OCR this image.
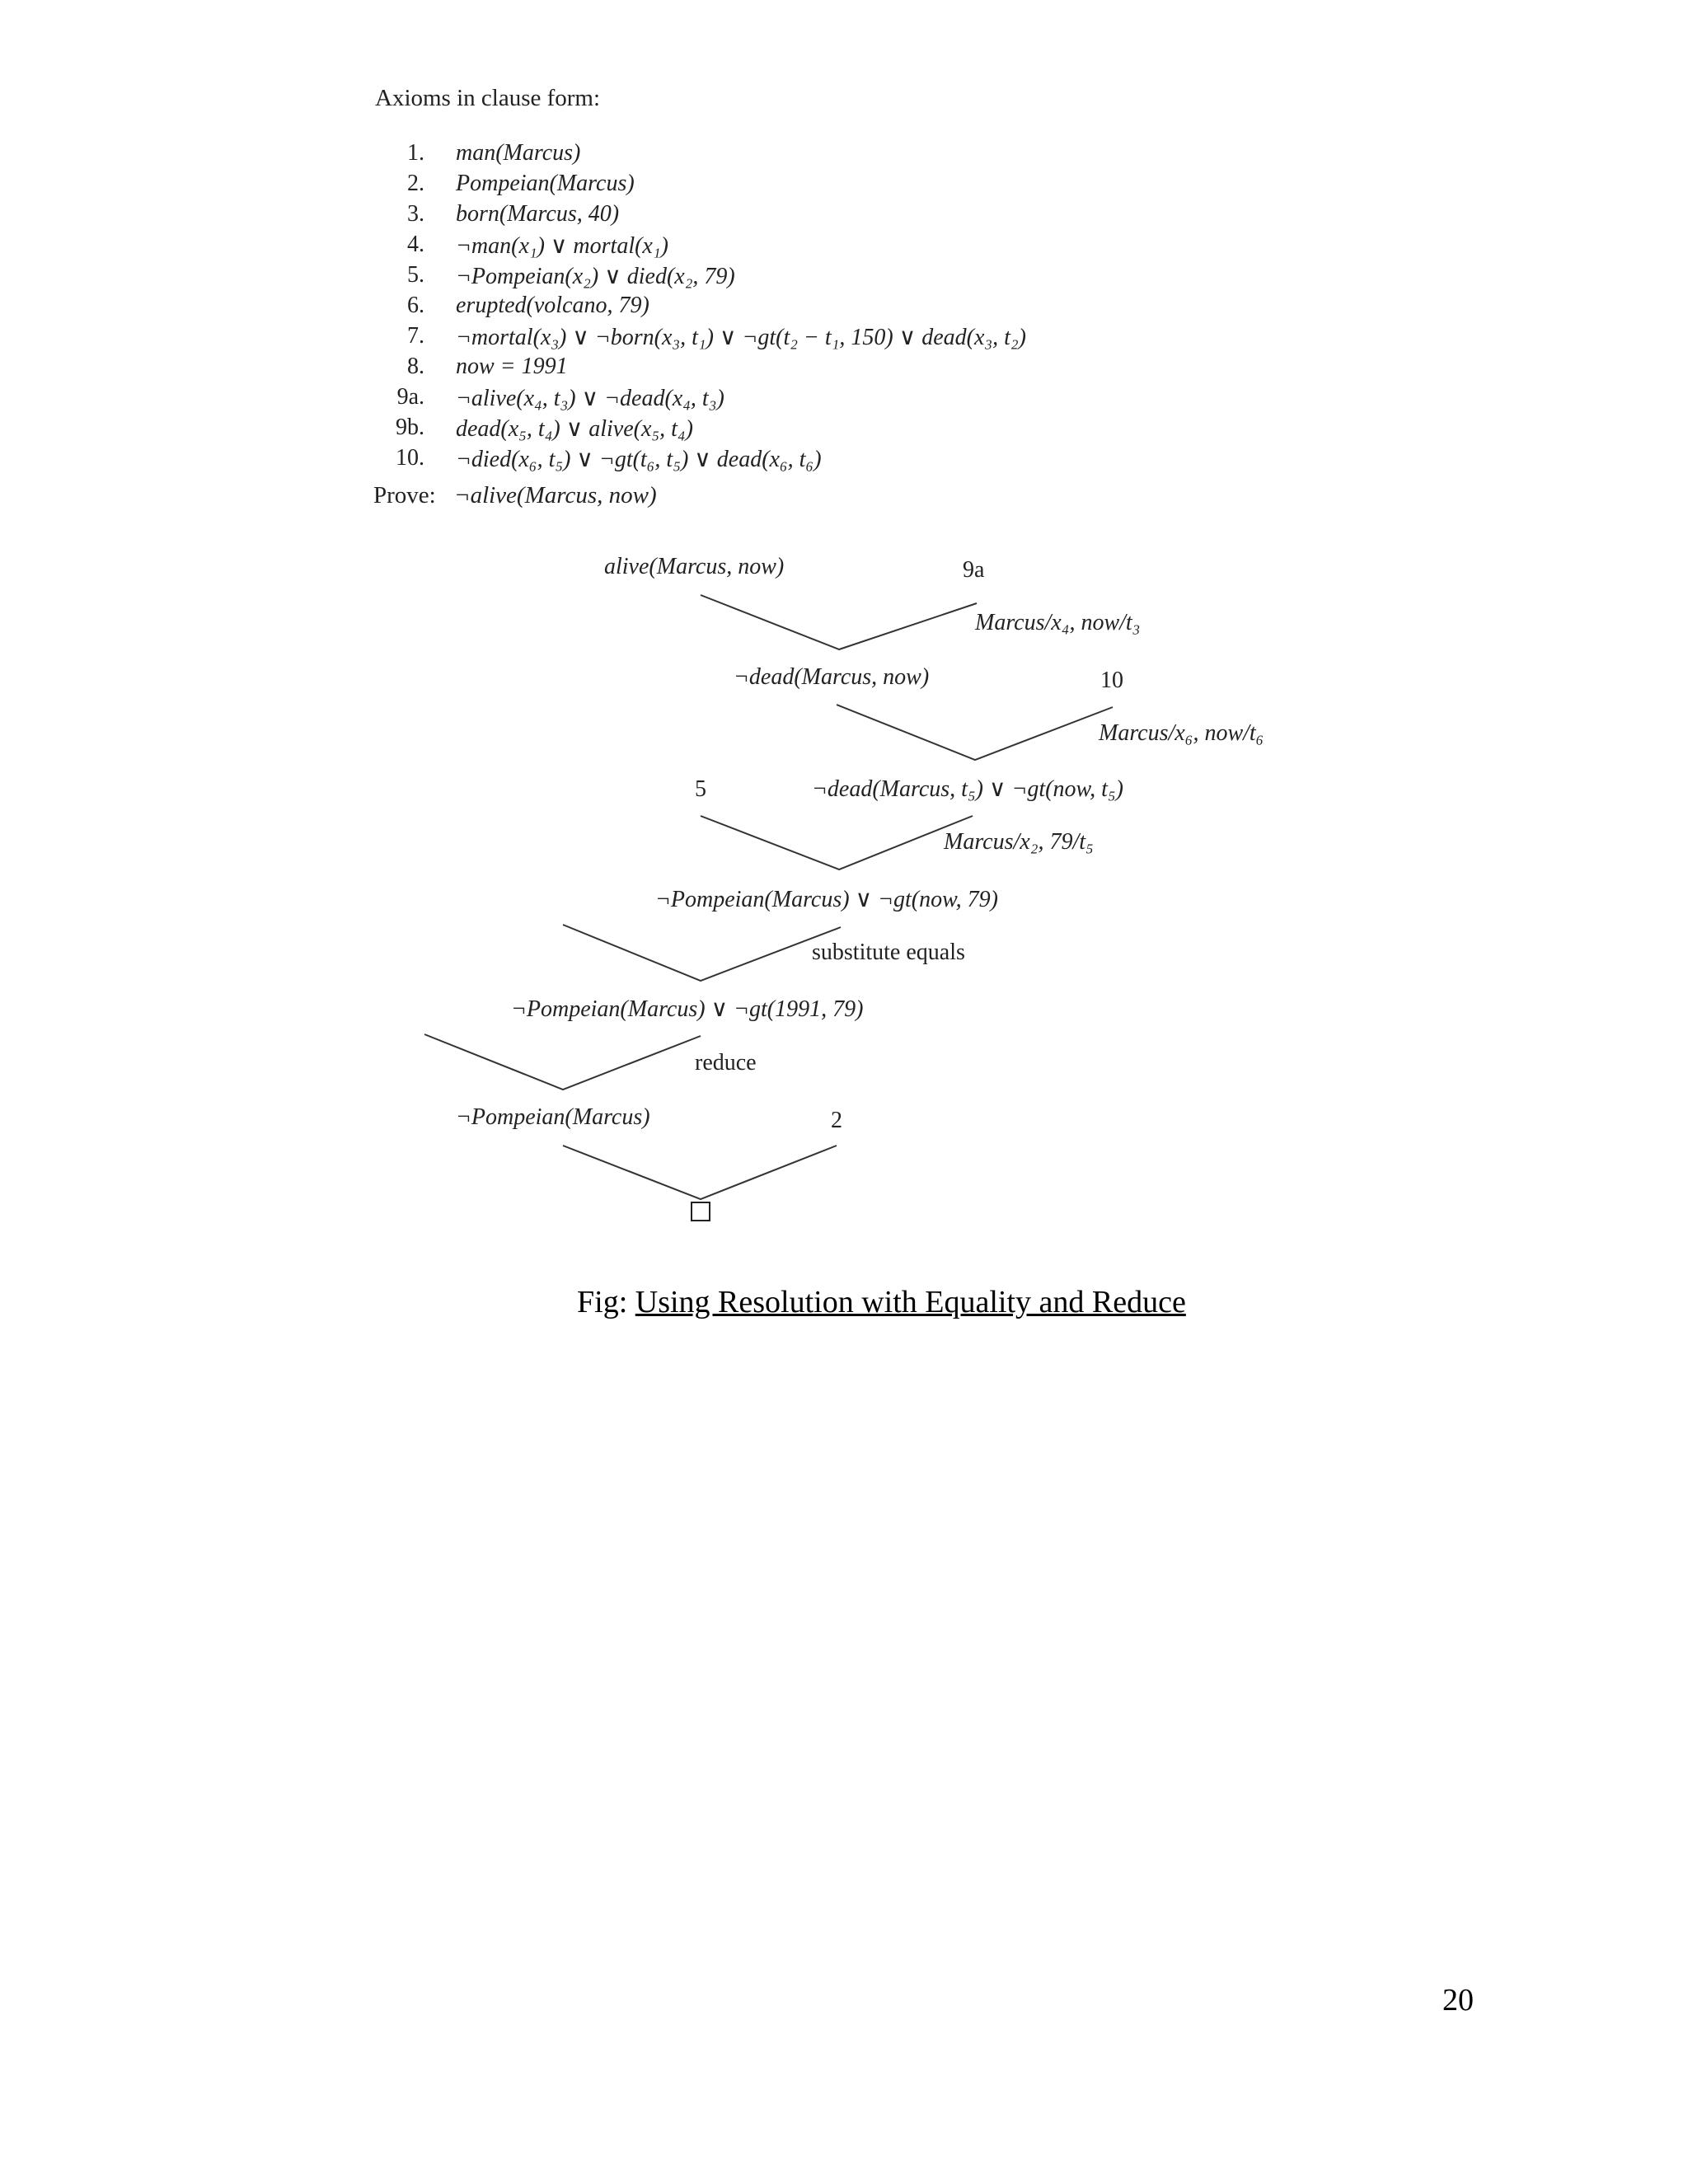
Axioms in clause form:
1. man(Marcus)
2. Pompeian(Marcus)
3. born(Marcus, 40)
4. ¬man(x₁) ∨ mortal(x₁)
5. ¬Pompeian(x₂) ∨ died(x₂, 79)
6. erupted(volcano, 79)
7. ¬mortal(x₃) ∨ ¬born(x₃, t₁) ∨ ¬gt(t₂ − t₁, 150) ∨ dead(x₃, t₂)
8. now = 1991
9a. ¬alive(x₄, t₃) ∨ ¬dead(x₄, t₃)
9b. dead(x₅, t₄) ∨ alive(x₅, t₄)
10. ¬died(x₆, t₅) ∨ ¬gt(t₆, t₅) ∨ dead(x₆, t₆)
Prove: ¬alive(Marcus, now)
alive(Marcus, now)	9a
Marcus/x₄, now/t₃
¬dead(Marcus, now)	10
Marcus/x₆, now/t₆
5	¬dead(Marcus, t₅) ∨ ¬gt(now, t₅)
Marcus/x₂, 79/t₅
¬Pompeian(Marcus) ∨ ¬gt(now, 79)
substitute equals
¬Pompeian(Marcus) ∨ ¬gt(1991, 79)
reduce
¬Pompeian(Marcus)	2
Fig: Using Resolution with Equality and Reduce
20
